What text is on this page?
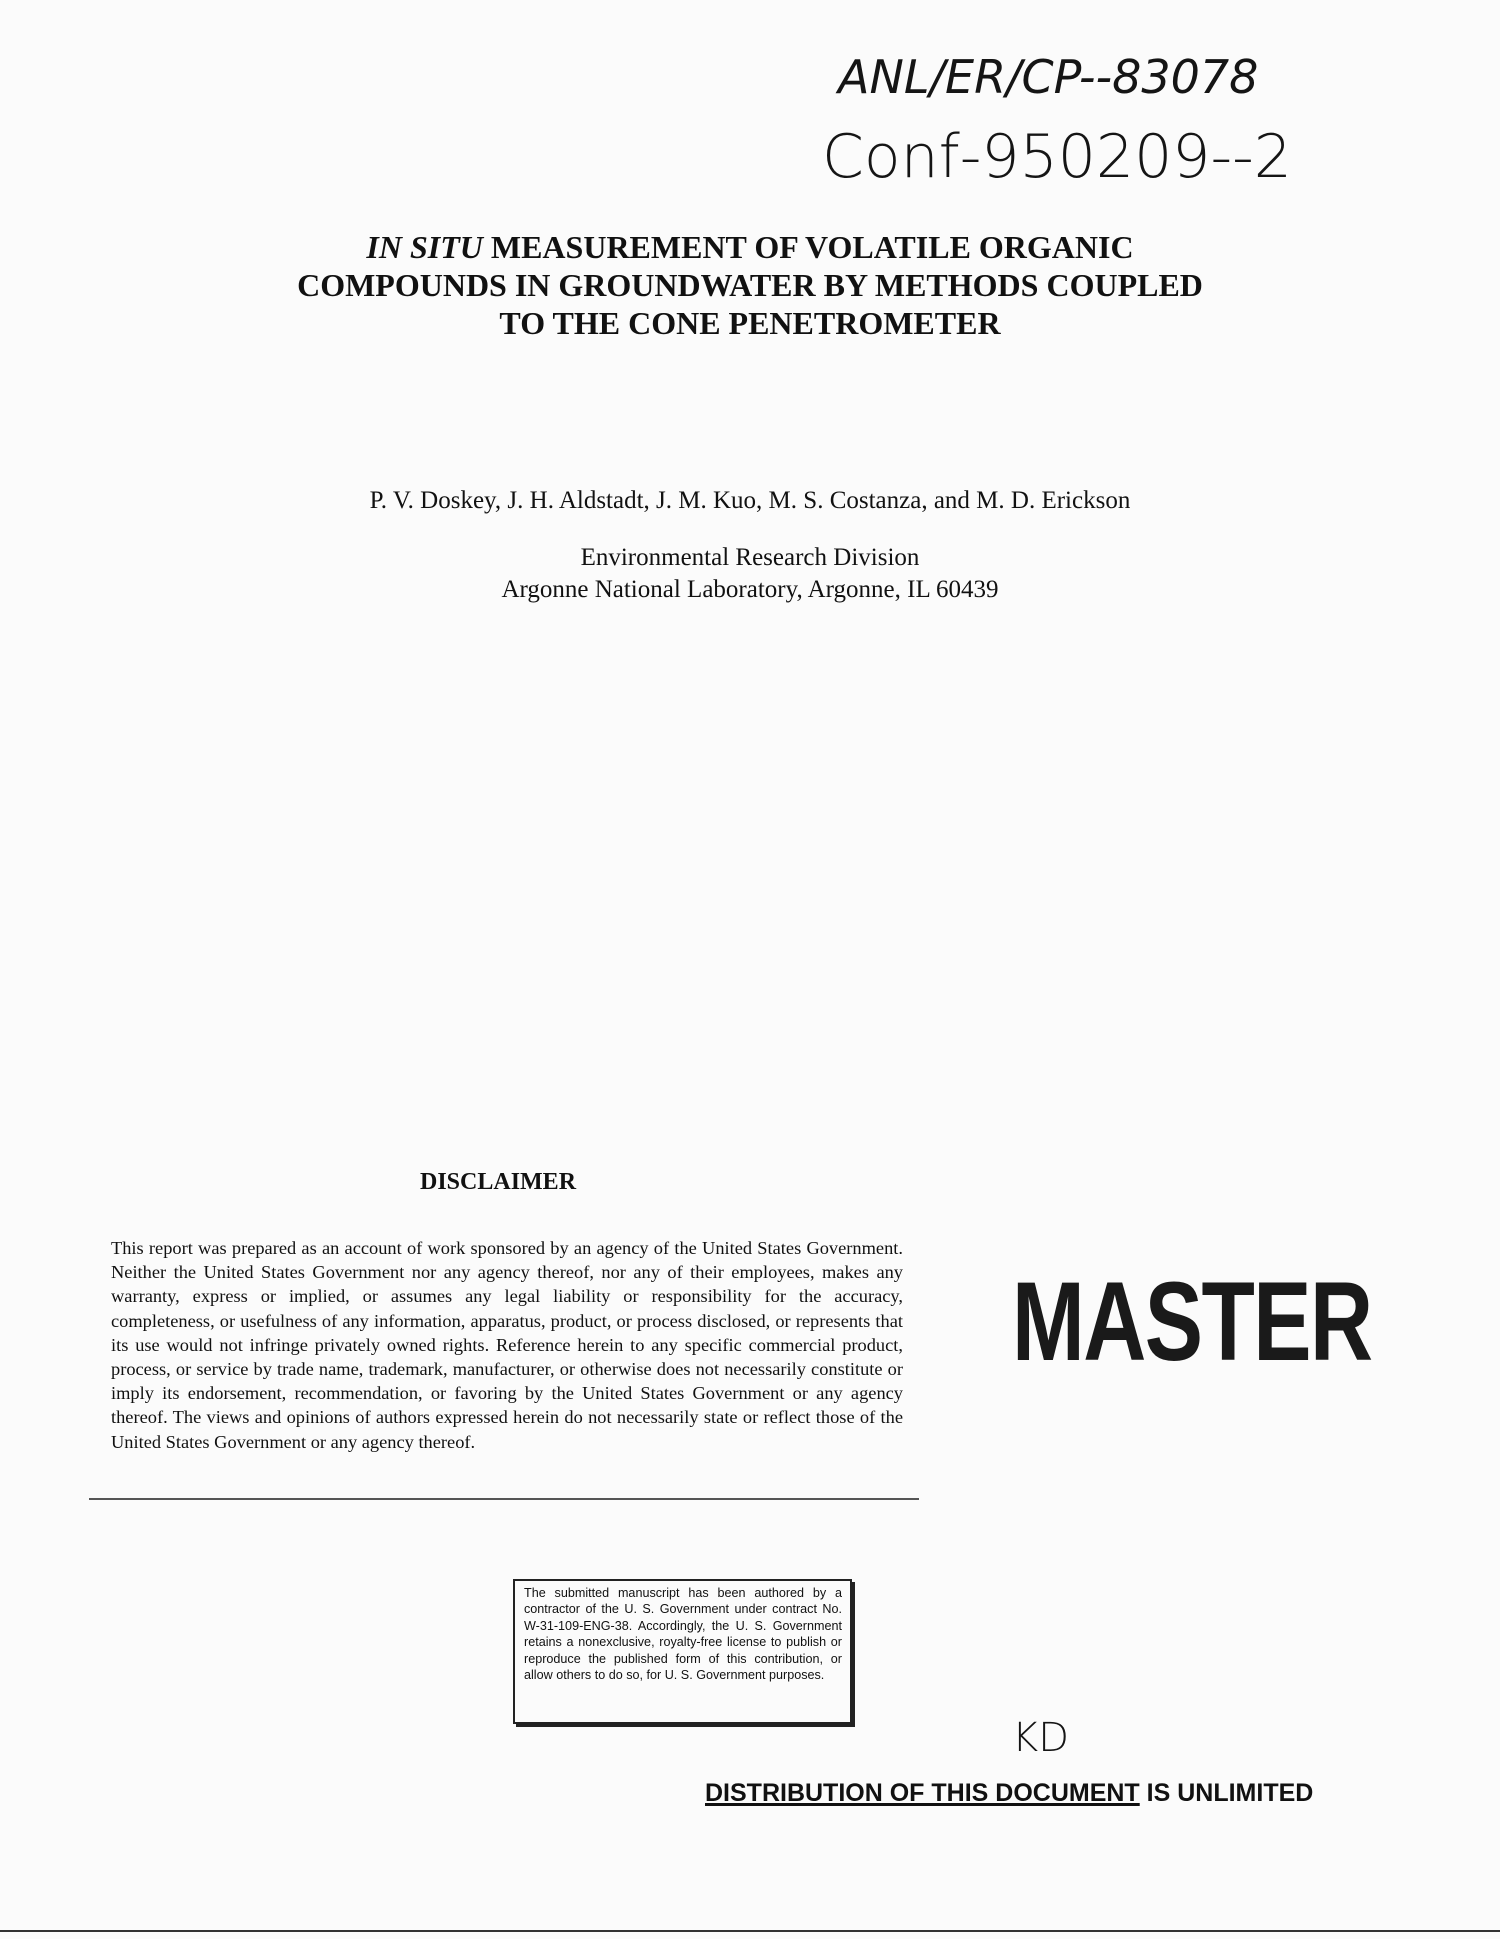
ANL/ER/CP--83078
Conf-950209--2
IN SITU MEASUREMENT OF VOLATILE ORGANIC
COMPOUNDS IN GROUNDWATER BY METHODS COUPLED
TO THE CONE PENETROMETER
P. V. Doskey, J. H. Aldstadt, J. M. Kuo, M. S. Costanza, and M. D. Erickson
Environmental Research Division
Argonne National Laboratory, Argonne, IL 60439
DISCLAIMER
This report was prepared as an account of work sponsored by an agency of the United States Government. Neither the United States Government nor any agency thereof, nor any of their employees, makes any warranty, express or implied, or assumes any legal liability or responsibility for the accuracy, completeness, or usefulness of any information, apparatus, product, or process disclosed, or represents that its use would not infringe privately owned rights. Reference herein to any specific commercial product, process, or service by trade name, trademark, manufacturer, or otherwise does not necessarily constitute or imply its endorsement, recommendation, or favoring by the United States Government or any agency thereof. The views and opinions of authors expressed herein do not necessarily state or reflect those of the United States Government or any agency thereof.
MASTER
The submitted manuscript has been authored by a contractor of the U. S. Government under contract No. W-31-109-ENG-38. Accordingly, the U. S. Government retains a nonexclusive, royalty-free license to publish or reproduce the published form of this contribution, or allow others to do so, for U. S. Government purposes.
KD
DISTRIBUTION OF THIS DOCUMENT IS UNLIMITED
